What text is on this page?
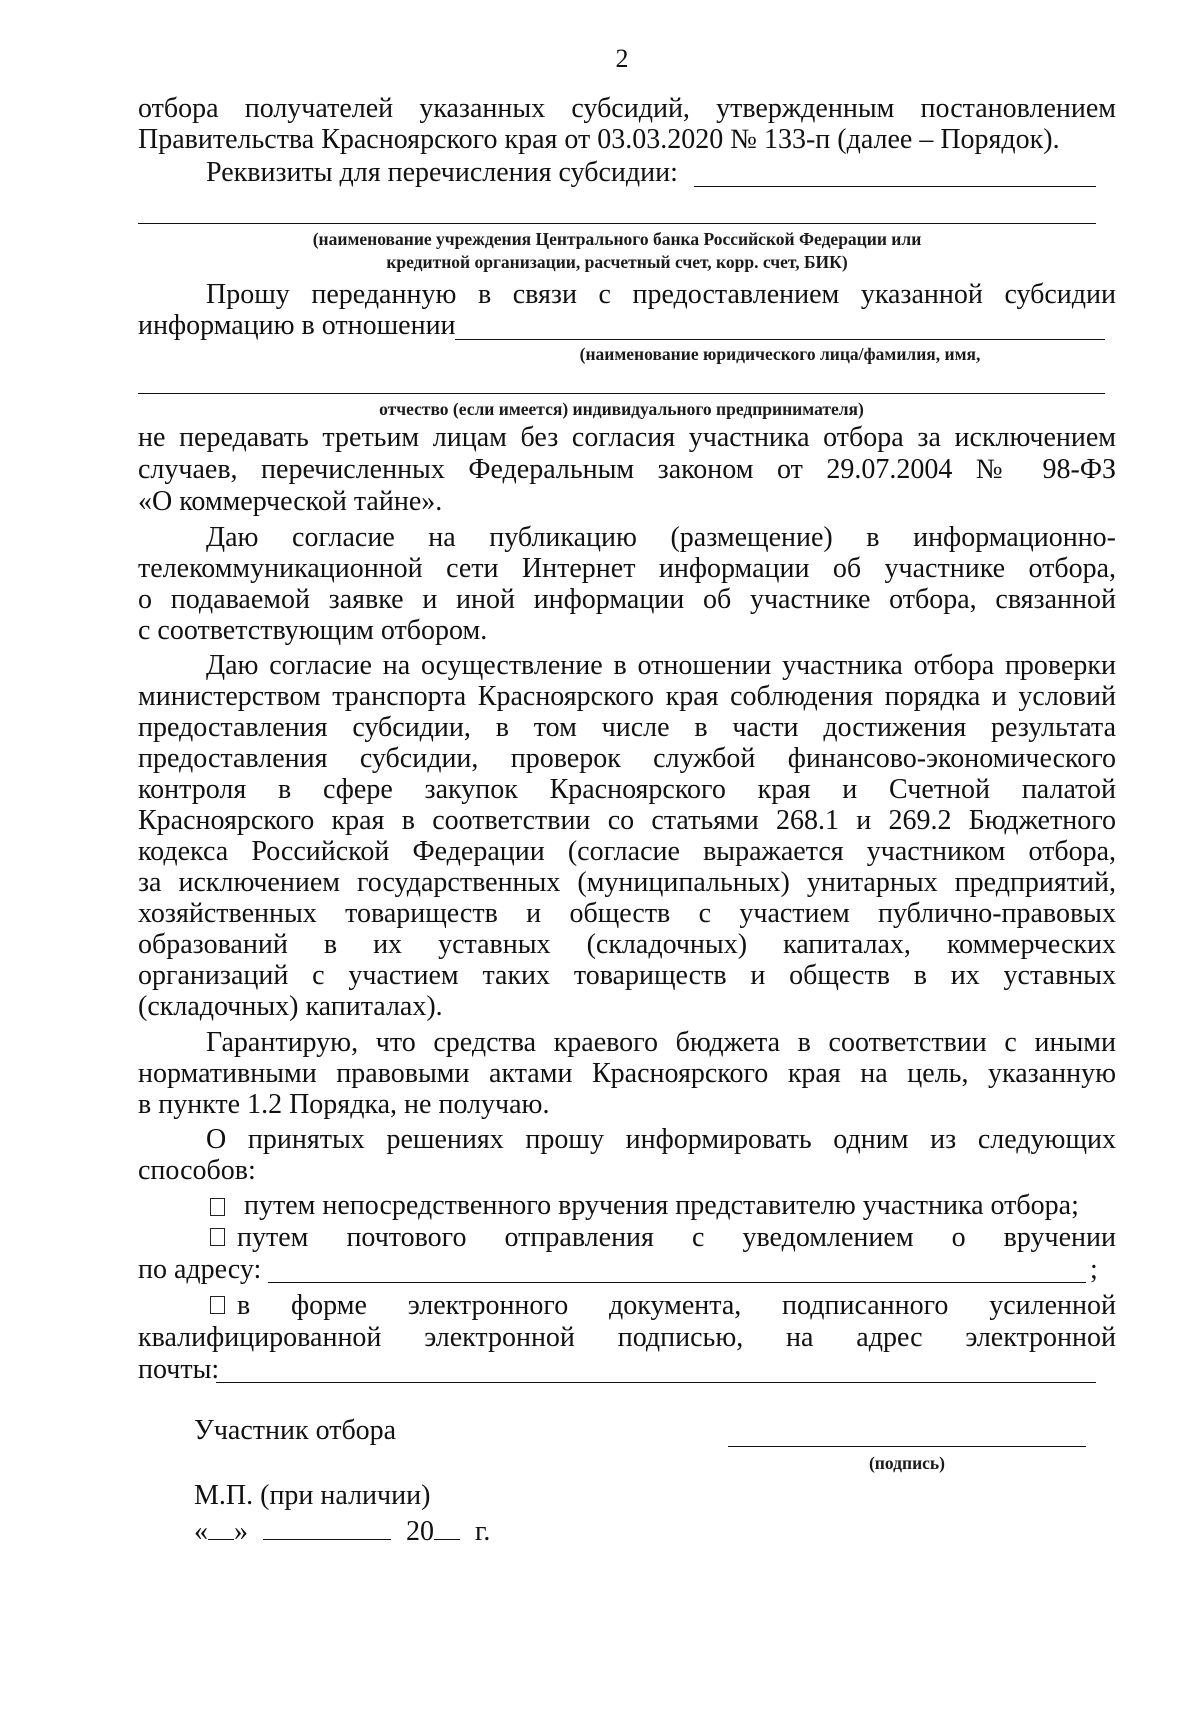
2
отбора получателей указанных субсидий, утвержденным постановлением
Правительства Красноярского края от 03.03.2020 № 133-п (далее – Порядок).
Реквизиты для перечисления субсидии:
(наименование учреждения Центрального банка Российской Федерации или
кредитной организации, расчетный счет, корр. счет, БИК)
Прошу переданную в связи с предоставлением указанной субсидии
информацию в отношении
(наименование юридического лица/фамилия, имя,
отчество (если имеется) индивидуального предпринимателя)
не передавать третьим лицам без согласия участника отбора за исключением
случаев, перечисленных Федеральным законом от 29.07.2004 № 98-ФЗ
«О коммерческой тайне».
Даю согласие на публикацию (размещение) в информационно-
телекоммуникационной сети Интернет информации об участнике отбора,
о подаваемой заявке и иной информации об участнике отбора, связанной
с соответствующим отбором.
Даю согласие на осуществление в отношении участника отбора проверки
министерством транспорта Красноярского края соблюдения порядка и условий
предоставления субсидии, в том числе в части достижения результата
предоставления субсидии, проверок службой финансово-экономического
контроля в сфере закупок Красноярского края и Счетной палатой
Красноярского края в соответствии со статьями 268.1 и 269.2 Бюджетного
кодекса Российской Федерации (согласие выражается участником отбора,
за исключением государственных (муниципальных) унитарных предприятий,
хозяйственных товариществ и обществ с участием публично-правовых
образований в их уставных (складочных) капиталах, коммерческих
организаций с участием таких товариществ и обществ в их уставных
(складочных) капиталах).
Гарантирую, что средства краевого бюджета в соответствии с иными
нормативными правовыми актами Красноярского края на цель, указанную
в пункте 1.2 Порядка, не получаю.
О принятых решениях прошу информировать одним из следующих
способов:
путем непосредственного вручения представителю участника отбора;
путем почтового отправления с уведомлением о вручении
по адресу:	;
в форме электронного документа, подписанного усиленной
квалифицированной электронной подписью, на адрес электронной
почты:
Участник отбора
(подпись)
М.П. (при наличии)
« »	20 г.
